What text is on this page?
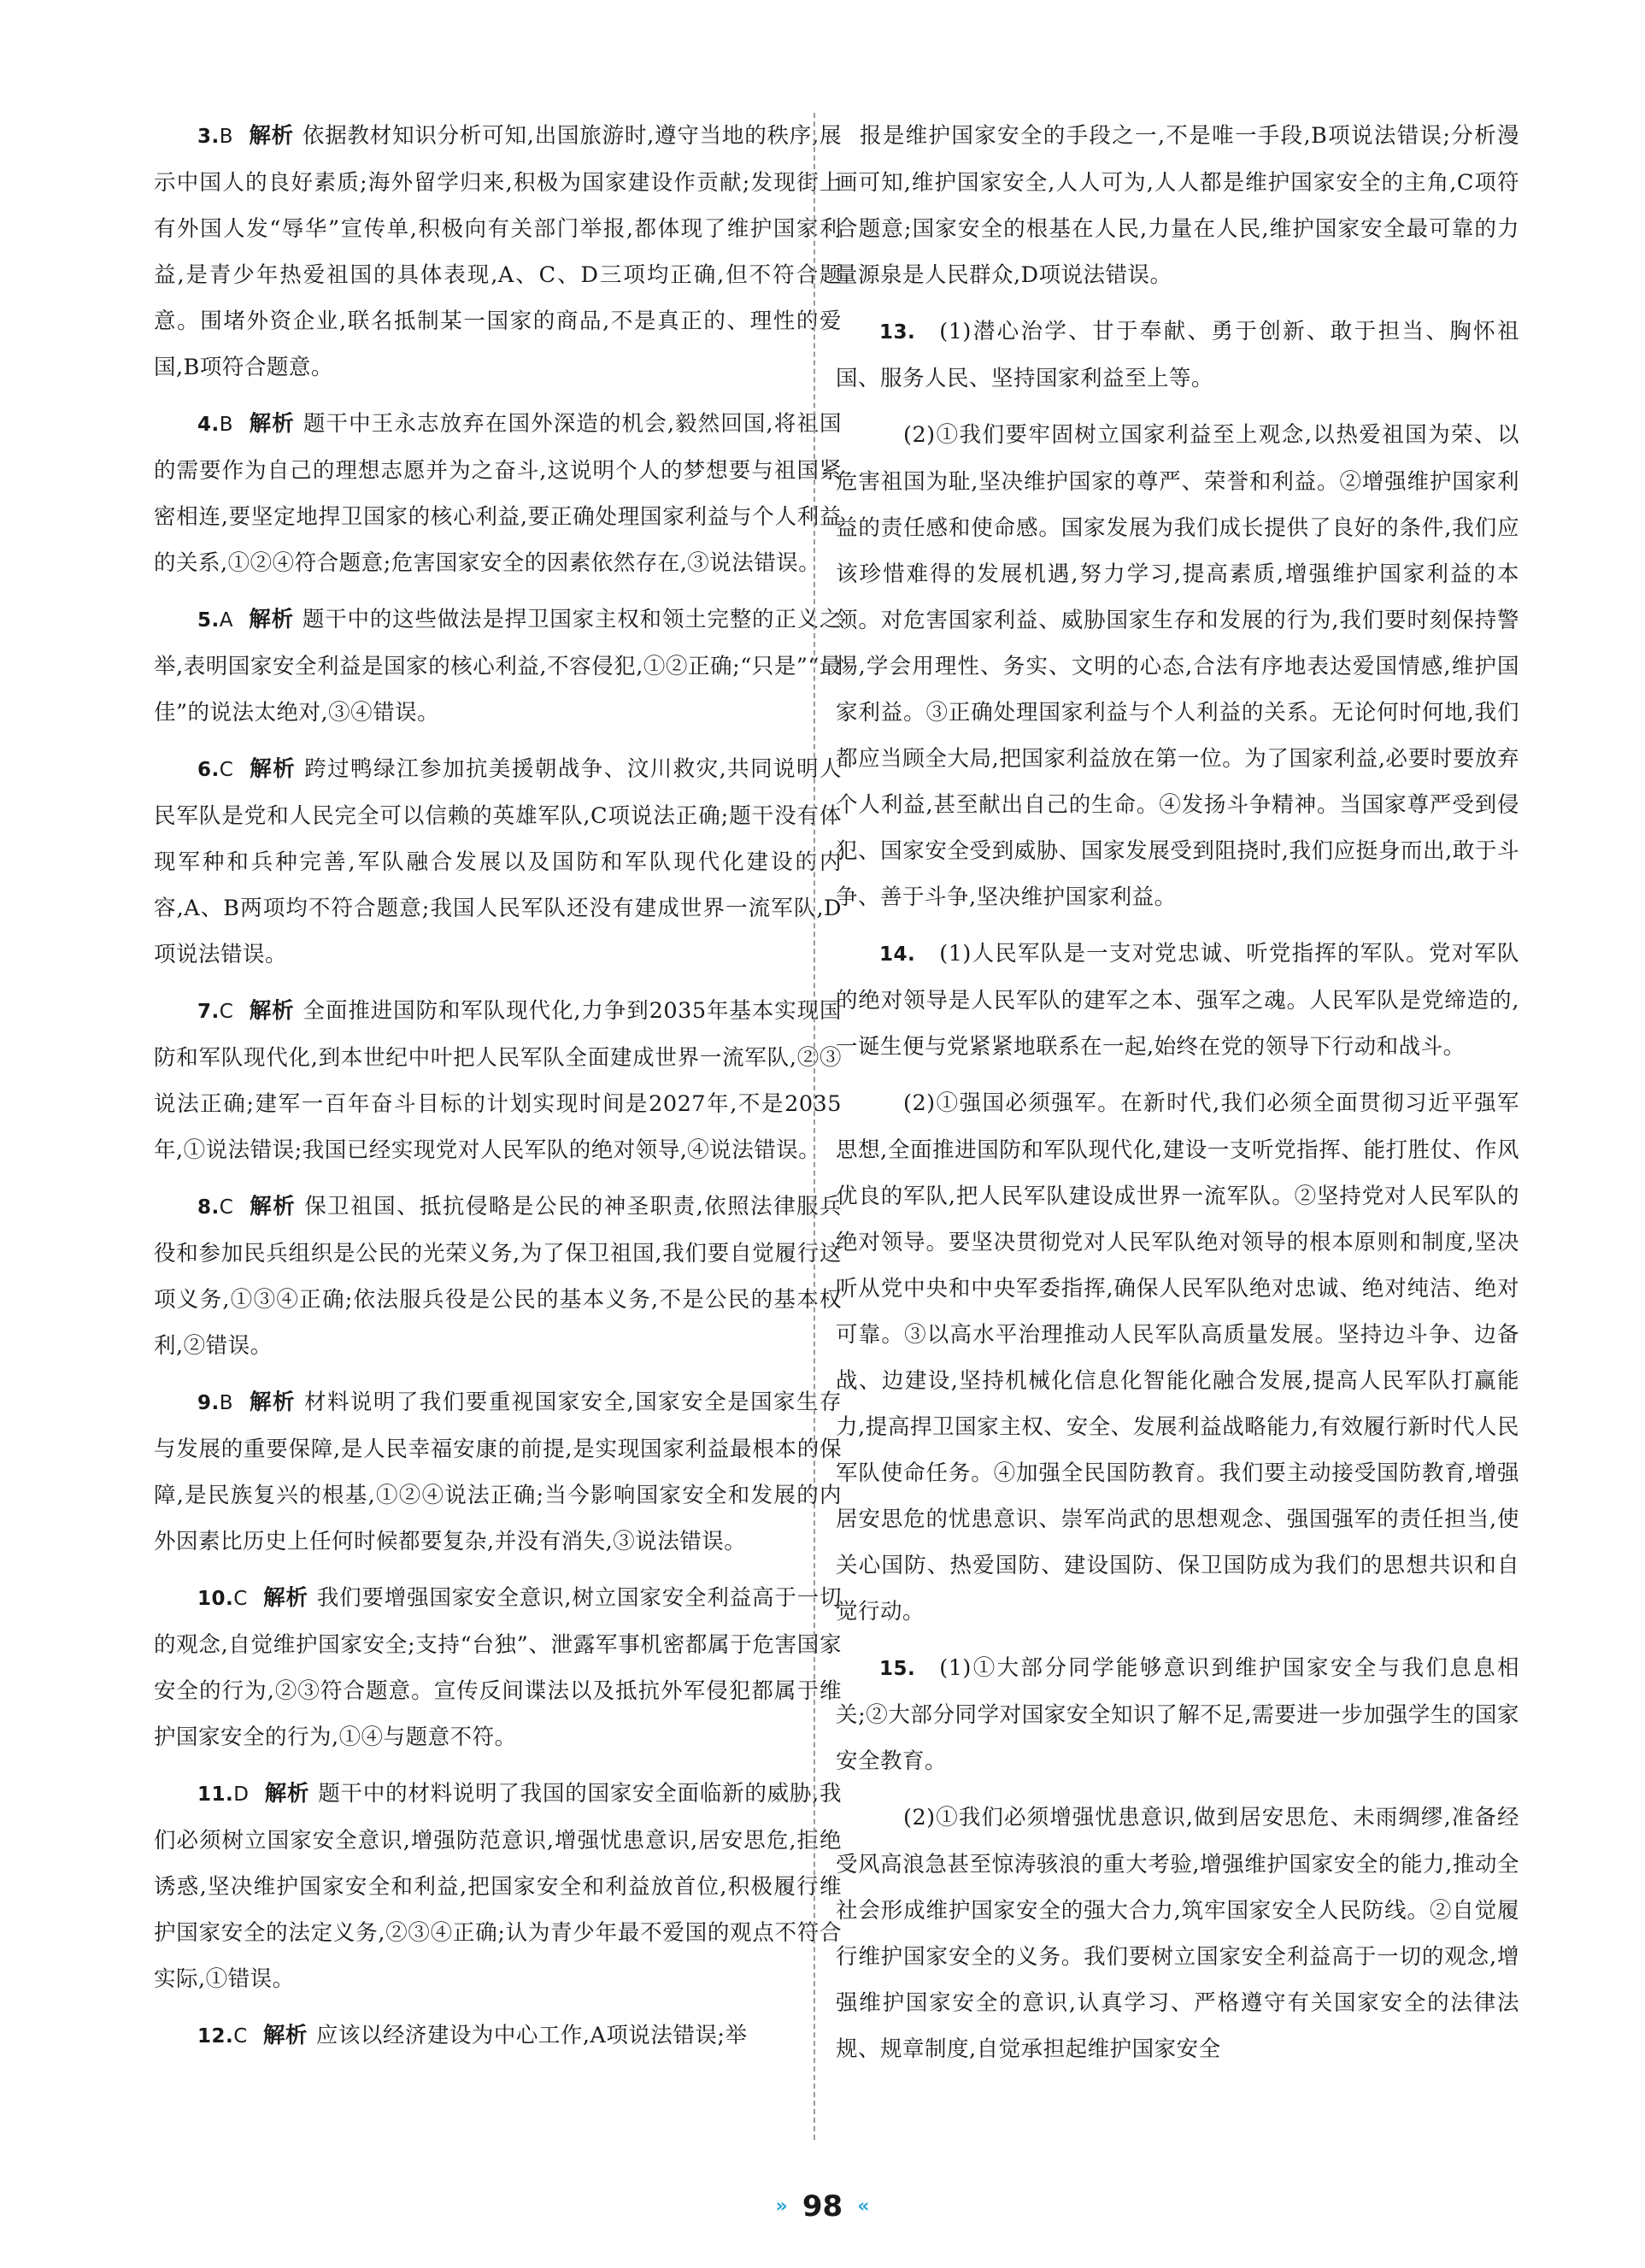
3.B 解析 依据教材知识分析可知,出国旅游时,遵守当地的秩序,展示中国人的良好素质;海外留学归来,积极为国家建设作贡献;发现街上有外国人发“辱华”宣传单,积极向有关部门举报,都体现了维护国家利益,是青少年热爱祖国的具体表现,A、C、D三项均正确,但不符合题意。围堵外资企业,联名抵制某一国家的商品,不是真正的、理性的爱国,B项符合题意。

4.B 解析 题干中王永志放弃在国外深造的机会,毅然回国,将祖国的需要作为自己的理想志愿并为之奋斗,这说明个人的梦想要与祖国紧密相连,要坚定地捍卫国家的核心利益,要正确处理国家利益与个人利益的关系,①②④符合题意;危害国家安全的因素依然存在,③说法错误。

5.A 解析 题干中的这些做法是捍卫国家主权和领土完整的正义之举,表明国家安全利益是国家的核心利益,不容侵犯,①②正确;“只是”“最佳”的说法太绝对,③④错误。

6.C 解析 跨过鸭绿江参加抗美援朝战争、汶川救灾,共同说明人民军队是党和人民完全可以信赖的英雄军队,C项说法正确;题干没有体现军种和兵种完善,军队融合发展以及国防和军队现代化建设的内容,A、B两项均不符合题意;我国人民军队还没有建成世界一流军队,D项说法错误。

7.C 解析 全面推进国防和军队现代化,力争到2035年基本实现国防和军队现代化,到本世纪中叶把人民军队全面建成世界一流军队,②③说法正确;建军一百年奋斗目标的计划实现时间是2027年,不是2035年,①说法错误;我国已经实现党对人民军队的绝对领导,④说法错误。

8.C 解析 保卫祖国、抵抗侵略是公民的神圣职责,依照法律服兵役和参加民兵组织是公民的光荣义务,为了保卫祖国,我们要自觉履行这项义务,①③④正确;依法服兵役是公民的基本义务,不是公民的基本权利,②错误。

9.B 解析 材料说明了我们要重视国家安全,国家安全是国家生存与发展的重要保障,是人民幸福安康的前提,是实现国家利益最根本的保障,是民族复兴的根基,①②④说法正确;当今影响国家安全和发展的内外因素比历史上任何时候都要复杂,并没有消失,③说法错误。

10.C 解析 我们要增强国家安全意识,树立国家安全利益高于一切的观念,自觉维护国家安全;支持“台独”、泄露军事机密都属于危害国家安全的行为,②③符合题意。宣传反间谍法以及抵抗外军侵犯都属于维护国家安全的行为,①④与题意不符。

11.D 解析 题干中的材料说明了我国的国家安全面临新的威胁,我们必须树立国家安全意识,增强防范意识,增强忧患意识,居安思危,拒绝诱惑,坚决维护国家安全和利益,把国家安全和利益放首位,积极履行维护国家安全的法定义务,②③④正确;认为青少年最不爱国的观点不符合实际,①错误。

12.C 解析 应该以经济建设为中心工作,A项说法错误;举

报是维护国家安全的手段之一,不是唯一手段,B项说法错误;分析漫画可知,维护国家安全,人人可为,人人都是维护国家安全的主角,C项符合题意;国家安全的根基在人民,力量在人民,维护国家安全最可靠的力量源泉是人民群众,D项说法错误。

13. (1)潜心治学、甘于奉献、勇于创新、敢于担当、胸怀祖国、服务人民、坚持国家利益至上等。

(2)①我们要牢固树立国家利益至上观念,以热爱祖国为荣、以危害祖国为耻,坚决维护国家的尊严、荣誉和利益。②增强维护国家利益的责任感和使命感。国家发展为我们成长提供了良好的条件,我们应该珍惜难得的发展机遇,努力学习,提高素质,增强维护国家利益的本领。对危害国家利益、威胁国家生存和发展的行为,我们要时刻保持警惕,学会用理性、务实、文明的心态,合法有序地表达爱国情感,维护国家利益。③正确处理国家利益与个人利益的关系。无论何时何地,我们都应当顾全大局,把国家利益放在第一位。为了国家利益,必要时要放弃个人利益,甚至献出自己的生命。④发扬斗争精神。当国家尊严受到侵犯、国家安全受到威胁、国家发展受到阻挠时,我们应挺身而出,敢于斗争、善于斗争,坚决维护国家利益。

14. (1)人民军队是一支对党忠诚、听党指挥的军队。党对军队的绝对领导是人民军队的建军之本、强军之魂。人民军队是党缔造的,一诞生便与党紧紧地联系在一起,始终在党的领导下行动和战斗。

(2)①强国必须强军。在新时代,我们必须全面贯彻习近平强军思想,全面推进国防和军队现代化,建设一支听党指挥、能打胜仗、作风优良的军队,把人民军队建设成世界一流军队。②坚持党对人民军队的绝对领导。要坚决贯彻党对人民军队绝对领导的根本原则和制度,坚决听从党中央和中央军委指挥,确保人民军队绝对忠诚、绝对纯洁、绝对可靠。③以高水平治理推动人民军队高质量发展。坚持边斗争、边备战、边建设,坚持机械化信息化智能化融合发展,提高人民军队打赢能力,提高捍卫国家主权、安全、发展利益战略能力,有效履行新时代人民军队使命任务。④加强全民国防教育。我们要主动接受国防教育,增强居安思危的忧患意识、崇军尚武的思想观念、强国强军的责任担当,使关心国防、热爱国防、建设国防、保卫国防成为我们的思想共识和自觉行动。

15. (1)①大部分同学能够意识到维护国家安全与我们息息相关;②大部分同学对国家安全知识了解不足,需要进一步加强学生的国家安全教育。

(2)①我们必须增强忧患意识,做到居安思危、未雨绸缪,准备经受风高浪急甚至惊涛骇浪的重大考验,增强维护国家安全的能力,推动全社会形成维护国家安全的强大合力,筑牢国家安全人民防线。②自觉履行维护国家安全的义务。我们要树立国家安全利益高于一切的观念,增强维护国家安全的意识,认真学习、严格遵守有关国家安全的法律法规、规章制度,自觉承担起维护国家安全

» 98 «
